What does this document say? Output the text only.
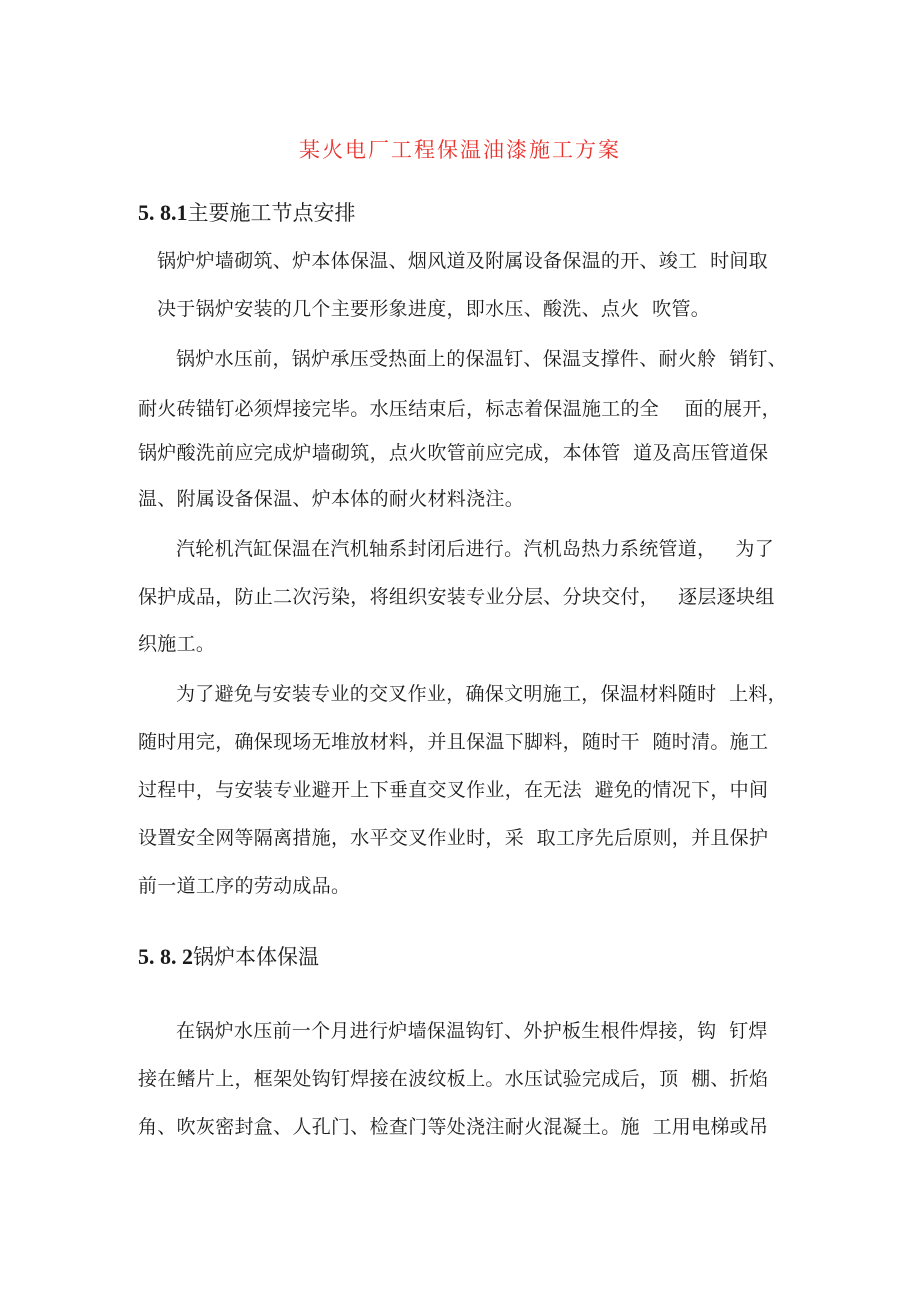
某火电厂工程保温油漆施工方案
5. 8.1主要施工节点安排
锅炉炉墙砌筑、炉本体保温、烟风道及附属设备保温的开、竣工  时间取
决于锅炉安装的几个主要形象进度，即水压、酸洗、点火  吹管。
锅炉水压前，锅炉承压受热面上的保温钉、保温支撑件、耐火舲  销钉、
耐火砖锚钉必须焊接完毕。水压结束后，标志着保温施工的全    面的展开，
锅炉酸洗前应完成炉墙砌筑，点火吹管前应完成，本体管  道及高压管道保
温、附属设备保温、炉本体的耐火材料浇注。
汽轮机汽缸保温在汽机轴系封闭后进行。汽机岛热力系统管道，   为了
保护成品，防止二次污染，将组织安装专业分层、分块交付，   逐层逐块组
织施工。
为了避免与安装专业的交叉作业，确保文明施工，保温材料随时  上料，
随时用完，确保现场无堆放材料，并且保温下脚料，随时干  随时清。施工
过程中，与安装专业避开上下垂直交叉作业，在无法  避免的情况下，中间
设置安全网等隔离措施，水平交叉作业时，采  取工序先后原则，并且保护
前一道工序的劳动成品。
5. 8. 2锅炉本体保温
在锅炉水压前一个月进行炉墙保温钩钉、外护板生根件焊接，钩  钉焊
接在鳍片上，框架处钩钉焊接在波纹板上。水压试验完成后，顶  棚、折焰
角、吹灰密封盒、人孔门、检查门等处浇注耐火混凝土。施  工用电梯或吊
